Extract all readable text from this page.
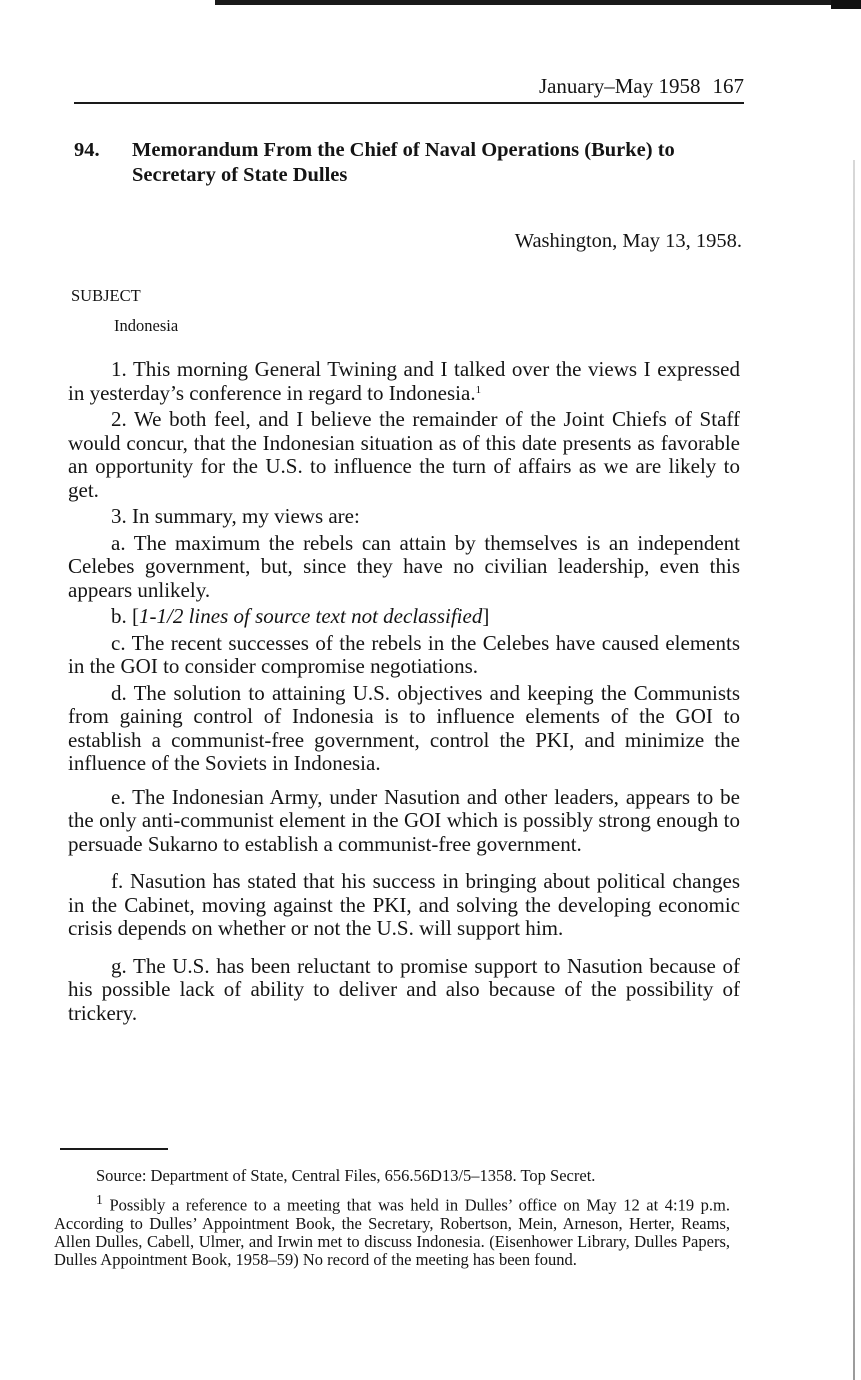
January–May 1958 167
94. Memorandum From the Chief of Naval Operations (Burke) to Secretary of State Dulles
Washington, May 13, 1958.
SUBJECT
Indonesia

1. This morning General Twining and I talked over the views I expressed in yesterday’s conference in regard to Indonesia.$^1$

2. We both feel, and I believe the remainder of the Joint Chiefs of Staff would concur, that the Indonesian situation as of this date presents as favorable an opportunity for the U.S. to influence the turn of affairs as we are likely to get.

3. In summary, my views are:

a. The maximum the rebels can attain by themselves is an independent Celebes government, but, since they have no civilian leadership, even this appears unlikely.

b. [1-1/2 lines of source text not declassified]

c. The recent successes of the rebels in the Celebes have caused elements in the GOI to consider compromise negotiations.

d. The solution to attaining U.S. objectives and keeping the Communists from gaining control of Indonesia is to influence elements of the GOI to establish a communist-free government, control the PKI, and minimize the influence of the Soviets in Indonesia.

e. The Indonesian Army, under Nasution and other leaders, appears to be the only anti-communist element in the GOI which is possibly strong enough to persuade Sukarno to establish a communist-free government.

f. Nasution has stated that his success in bringing about political changes in the Cabinet, moving against the PKI, and solving the developing economic crisis depends on whether or not the U.S. will support him.

g. The U.S. has been reluctant to promise support to Nasution because of his possible lack of ability to deliver and also because of the possibility of trickery.

Source: Department of State, Central Files, 656.56D13/5–1358. Top Secret.

$^1$ Possibly a reference to a meeting that was held in Dulles’ office on May 12 at 4:19 p.m. According to Dulles’ Appointment Book, the Secretary, Robertson, Mein, Arneson, Herter, Reams, Allen Dulles, Cabell, Ulmer, and Irwin met to discuss Indonesia. (Eisenhower Library, Dulles Papers, Dulles Appointment Book, 1958–59) No record of the meeting has been found.
